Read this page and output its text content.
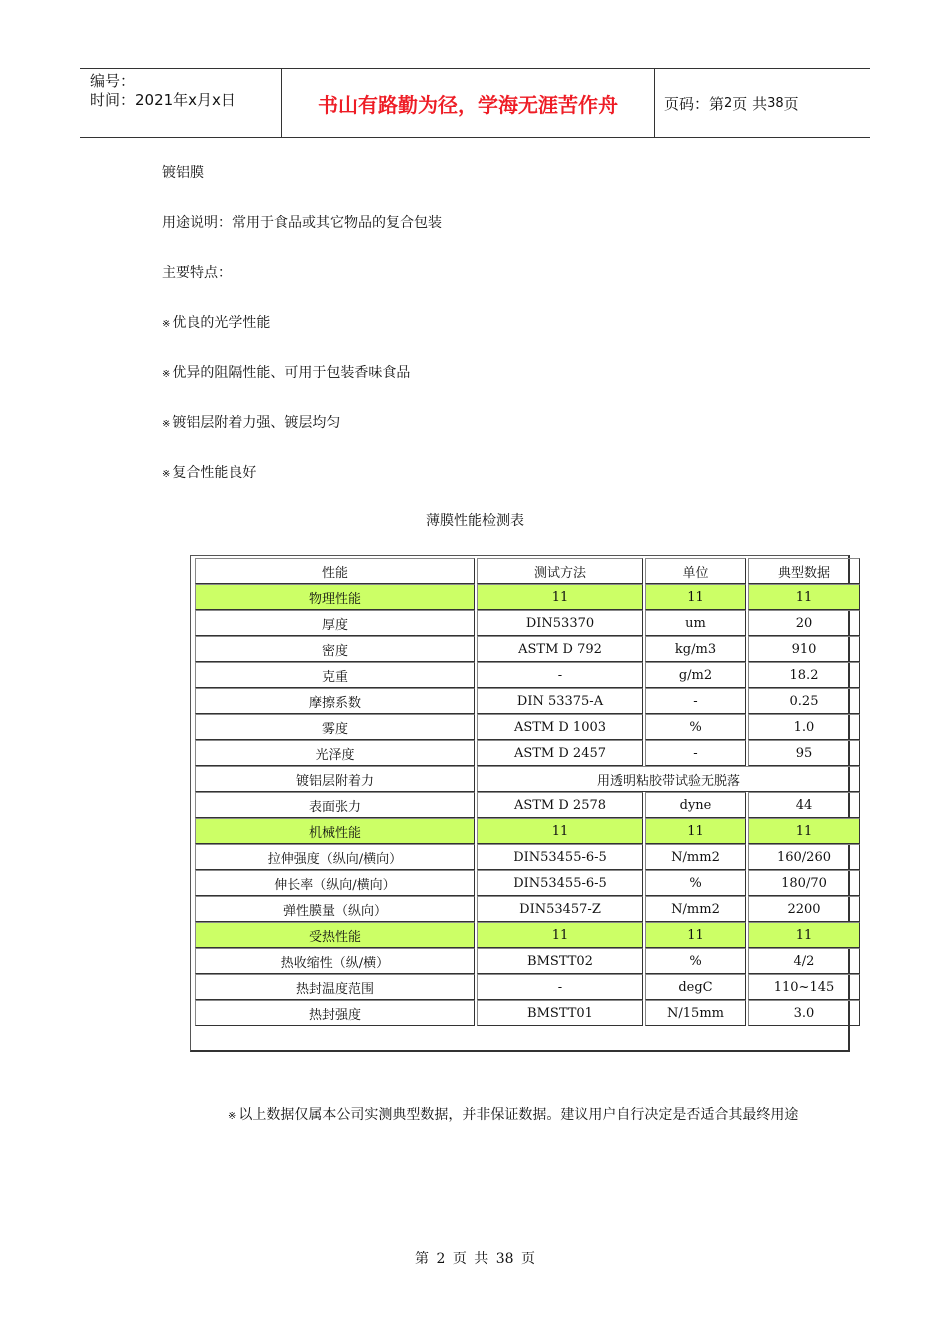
编号：
时间：2021年x月x日	书山有路勤为径，学海无涯苦作舟	页码：第 2 页 共 38 页
镀铝膜
用途说明：常用于食品或其它物品的复合包装
主要特点：
※ 优良的光学性能
※ 优异的阻隔性能、可用于包装香味食品
※ 镀铝层附着力强、镀层均匀
※ 复合性能良好
薄膜性能检测表
性能	测试方法	单位	典型数据
物理性能	11	11	11
厚度	DIN53370	um	20
密度	ASTM D 792	kg/m3	910
克重	-	g/m2	18.2
摩擦系数	DIN 53375-A	-	0.25
雾度	ASTM D 1003	%	1.0
光泽度	ASTM D 2457	-	95
镀铝层附着力	用透明粘胶带试验无脱落		
表面张力	ASTM D 2578	dyne	44
机械性能	11	11	11
拉伸强度（纵向/横向）	DIN53455-6-5	N/mm2	160/260
伸长率（纵向/横向）	DIN53455-6-5	%	180/70
弹性膜量（纵向）	DIN53457-Z	N/mm2	2200
受热性能	11	11	11
热收缩性（纵/横）	BMSTT02	%	4/2
热封温度范围	-	degC	110~145
热封强度	BMSTT01	N/15mm	3.0
※ 以上数据仅属本公司实测典型数据，并非保证数据。建议用户自行决定是否适合其最终用途
第 2 页 共 38 页
